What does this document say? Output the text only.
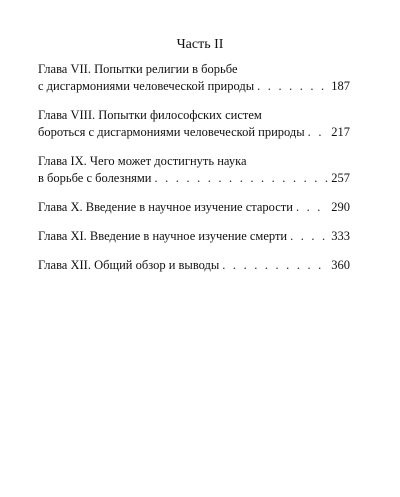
Часть II
Глава VII. Попытки религии в борьбе
с дисгармониями человеческой природы . . .	187
Глава VIII. Попытки философских систем
бороться с дисгармониями человеческой природы . . . 217
Глава IX. Чего может достигнуть наука
в борьбе с болезнями . . .	257
Глава X. Введение в научное изучение старости . . .	290
Глава XI. Введение в научное изучение смерти . . .	333
Глава XII. Общий обзор и выводы . . .	360
